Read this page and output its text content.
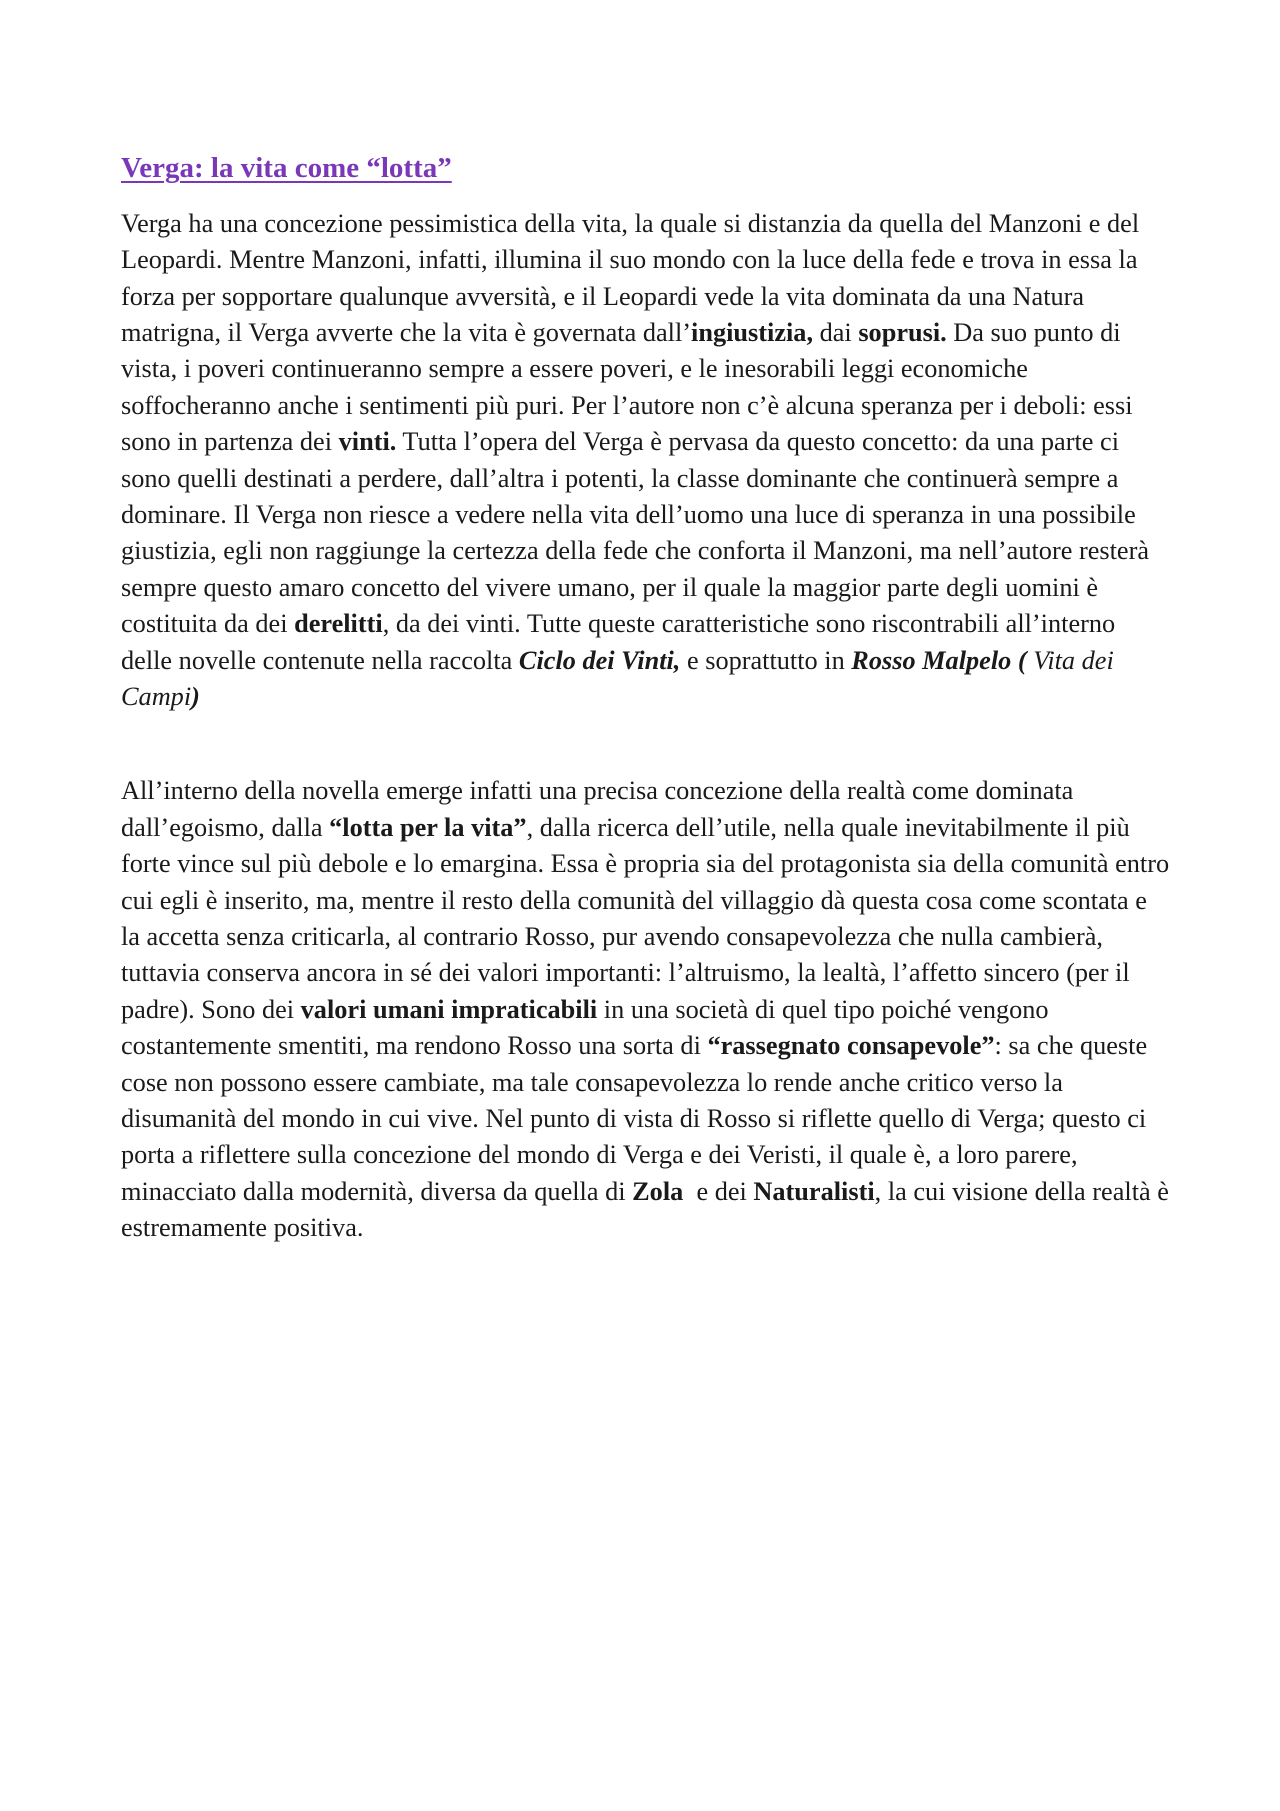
Verga: la vita come “lotta”

Verga ha una concezione pessimistica della vita, la quale si distanzia da quella del Manzoni e del Leopardi. Mentre Manzoni, infatti, illumina il suo mondo con la luce della fede e trova in essa la forza per sopportare qualunque avversità, e il Leopardi vede la vita dominata da una Natura matrigna, il Verga avverte che la vita è governata dall’ingiustizia, dai soprusi. Da suo punto di vista, i poveri continueranno sempre a essere poveri, e le inesorabili leggi economiche soffocheranno anche i sentimenti più puri. Per l’autore non c’è alcuna speranza per i deboli: essi sono in partenza dei vinti. Tutta l’opera del Verga è pervasa da questo concetto: da una parte ci sono quelli destinati a perdere, dall’altra i potenti, la classe dominante che continuerà sempre a dominare. Il Verga non riesce a vedere nella vita dell’uomo una luce di speranza in una possibile giustizia, egli non raggiunge la certezza della fede che conforta il Manzoni, ma nell’autore resterà sempre questo amaro concetto del vivere umano, per il quale la maggior parte degli uomini è costituita da dei derelitti, da dei vinti. Tutte queste caratteristiche sono riscontrabili all’interno delle novelle contenute nella raccolta Ciclo dei Vinti, e soprattutto in Rosso Malpelo ( Vita dei Campi)

All’interno della novella emerge infatti una precisa concezione della realtà come dominata dall’egoismo, dalla “lotta per la vita”, dalla ricerca dell’utile, nella quale inevitabilmente il più forte vince sul più debole e lo emargina. Essa è propria sia del protagonista sia della comunità entro cui egli è inserito, ma, mentre il resto della comunità del villaggio dà questa cosa come scontata e la accetta senza criticarla, al contrario Rosso, pur avendo consapevolezza che nulla cambierà, tuttavia conserva ancora in sé dei valori importanti: l’altruismo, la lealtà, l’affetto sincero (per il padre). Sono dei valori umani impraticabili in una società di quel tipo poiché vengono costantemente smentiti, ma rendono Rosso una sorta di “rassegnato consapevole”: sa che queste cose non possono essere cambiate, ma tale consapevolezza lo rende anche critico verso la disumanità del mondo in cui vive. Nel punto di vista di Rosso si riflette quello di Verga; questo ci porta a riflettere sulla concezione del mondo di Verga e dei Veristi, il quale è, a loro parere, minacciato dalla modernità, diversa da quella di Zola  e dei Naturalisti, la cui visione della realtà è estremamente positiva.
